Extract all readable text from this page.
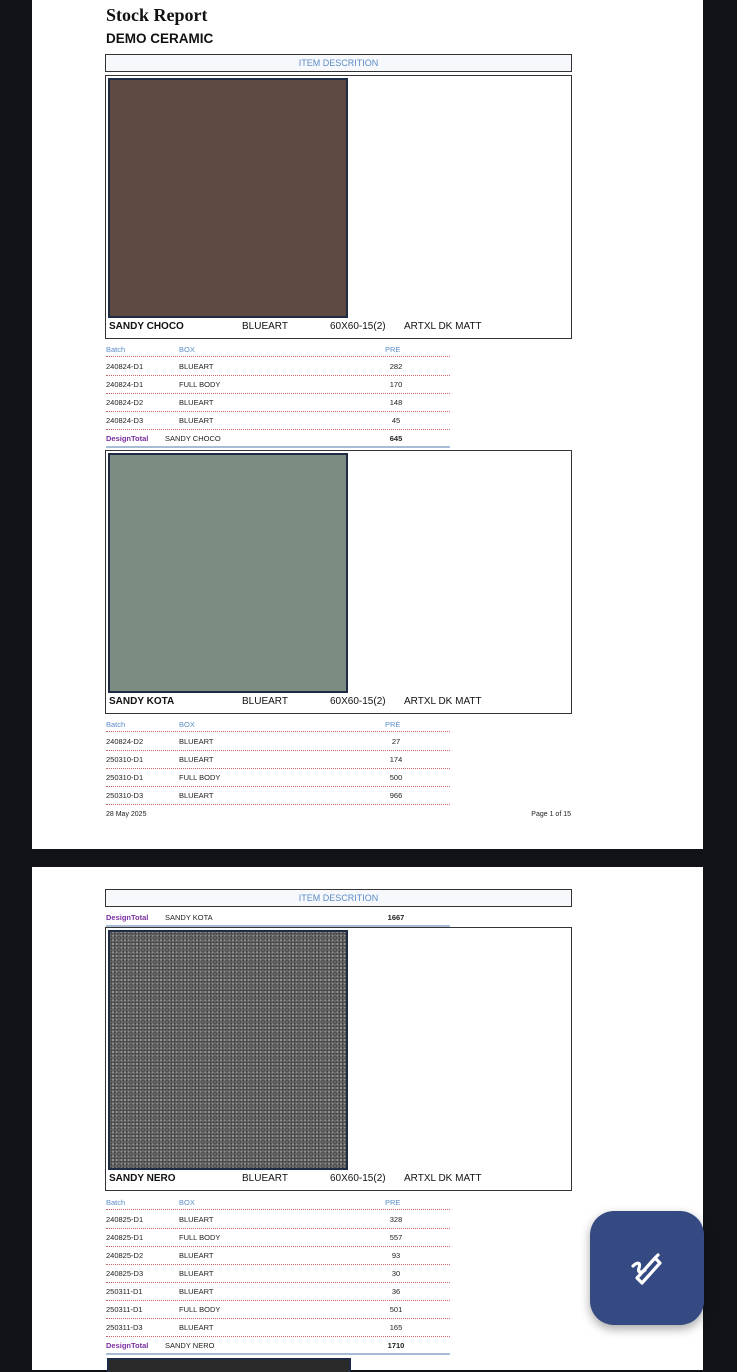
Stock Report
DEMO CERAMIC
ITEM DESCRITION
SANDY CHOCO	BLUEART	60X60-15(2) ARTXL DK MATT
Batch	BOX	PRE
240824-D1	BLUEART	282
240824-D1	FULL BODY	170
240824-D2	BLUEART	148
240824-D3	BLUEART	45
DesignTotal SANDY CHOCO	645
SANDY KOTA	BLUEART	60X60-15(2) ARTXL DK MATT
Batch	BOX	PRE
240824-D2	BLUEART	27
250310-D1	BLUEART	174
250310-D1	FULL BODY	500
250310-D3	BLUEART	966
28 May 2025	Page 1 of 15
ITEM DESCRITION
DesignTotal SANDY KOTA	1667
SANDY NERO	BLUEART	60X60-15(2) ARTXL DK MATT
Batch	BOX	PRE
240825-D1	BLUEART	328
240825-D1	FULL BODY	557
240825-D2	BLUEART	93
240825-D3	BLUEART	30
250311-D1	BLUEART	36
250311-D1	FULL BODY	501
250311-D3	BLUEART	165
DesignTotal SANDY NERO	1710
